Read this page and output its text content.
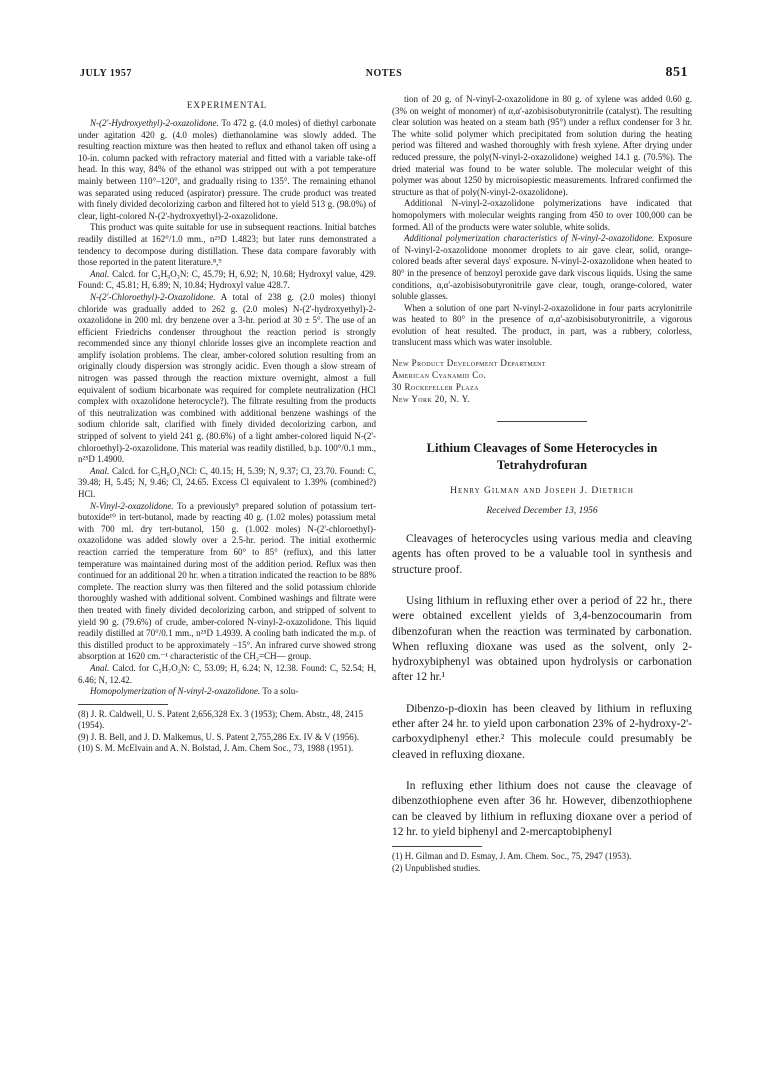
JULY 1957	NOTES	851
EXPERIMENTAL

N-(2'-Hydroxyethyl)-2-oxazolidone. To 472 g. (4.0 moles) of diethyl carbonate under agitation 420 g. (4.0 moles) diethanolamine was slowly added. The resulting reaction mixture was then heated to reflux and ethanol taken off using a 10-in. column packed with refractory material and fitted with a variable take-off head. In this way, 84% of the ethanol was stripped out with a pot temperature mainly between 110°–120°, and gradually rising to 135°. The remaining ethanol was separated using reduced (aspirator) pressure. The crude product was treated with finely divided decolorizing carbon and filtered hot to yield 513 g. (98.0%) of clear, light-colored N-(2'-hydroxyethyl)-2-oxazolidone.

This product was quite suitable for use in subsequent reactions. Initial batches readily distilled at 162°/1.0 mm., n²⁵D 1.4823; but later runs demonstrated a tendency to decompose during distillation. These data compare favorably with those reported in the patent literature.⁸,⁹

Anal. Calcd. for C₅H₉O₃N: C, 45.79; H, 6.92; N, 10.68; Hydroxyl value, 429. Found: C, 45.81; H, 6.89; N, 10.84; Hydroxyl value 428.7.

N-(2'-Chloroethyl)-2-Oxazolidone. A total of 238 g. (2.0 moles) thionyl chloride was gradually added to 262 g. (2.0 moles) N-(2'-hydroxyethyl)-2-oxazolidone in 200 ml. dry benzene over a 3-hr. period at 30 ± 5°. The use of an efficient Friedrichs condenser throughout the reaction period is strongly recommended since any thionyl chloride losses give an incomplete reaction and amplify isolation problems. The clear, amber-colored solution resulting from an originally cloudy dispersion was strongly acidic. Even though a slow stream of nitrogen was passed through the reaction mixture overnight, almost a full equivalent of sodium bicarbonate was required for complete neutralization (HCl complex with oxazolidone heterocycle?). The filtrate resulting from the products of this neutralization was combined with additional benzene washings of the sodium chloride salt, clarified with finely divided decolorizing carbon, and stripped of solvent to yield 241 g. (80.6%) of a light amber-colored liquid N-(2'-chloroethyl)-2-oxazolidone. This material was readily distilled, b.p. 100°/0.1 mm., n²⁵D 1.4900.

Anal. Calcd. for C₅H₈O₂NCl: C, 40.15; H, 5.39; N, 9.37; Cl, 23.70. Found: C, 39.48; H, 5.45; N, 9.46; Cl, 24.65. Excess Cl equivalent to 1.39% (combined?) HCl.

N-Vinyl-2-oxazolidone. To a previously⁹ prepared solution of potassium tert-butoxide¹⁰ in tert-butanol, made by reacting 40 g. (1.02 moles) potassium metal with 700 ml. dry tert-butanol, 150 g. (1.002 moles) N-(2'-chloroethyl)-oxazolidone was added slowly over a 2.5-hr. period. The initial exothermic reaction carried the temperature from 60° to 85° (reflux), and this latter temperature was maintained during most of the addition period. Reflux was then continued for an additional 20 hr. when a titration indicated the reaction to be 88% complete. The reaction slurry was then filtered and the solid potassium chloride thoroughly washed with additional solvent. Combined washings and filtrate were then treated with finely divided decolorizing carbon, and stripped of solvent to yield 90 g. (79.6%) of crude, amber-colored N-vinyl-2-oxazolidone. This liquid readily distilled at 70°/0.1 mm., n²⁵D 1.4939. A cooling bath indicated the m.p. of this distilled product to be approximately −15°. An infrared curve showed strong absorption at 1620 cm.⁻¹ characteristic of the CH₂=CH— group.

Anal. Calcd. for C₅H₇O₂N: C, 53.09; H, 6.24; N, 12.38. Found: C, 52.54; H, 6.46; N, 12.42.

Homopolymerization of N-vinyl-2-oxazolidone. To a solu-

(8) J. R. Caldwell, U. S. Patent 2,656,328 Ex. 3 (1953); Chem. Abstr., 48, 2415 (1954).
(9) J. B. Bell, and J. D. Malkemus, U. S. Patent 2,755,286 Ex. IV & V (1956).
(10) S. M. McElvain and A. N. Bolstad, J. Am. Chem Soc., 73, 1988 (1951).

tion of 20 g. of N-vinyl-2-oxazolidone in 80 g. of xylene was added 0.60 g. (3% on weight of monomer) of α,α'-azobisisobutyronitrile (catalyst). The resulting clear solution was heated on a steam bath (95°) under a reflux condenser for 3 hr. The white solid polymer which precipitated from solution during the heating period was filtered and washed thoroughly with fresh xylene. After drying under reduced pressure, the poly(N-vinyl-2-oxazolidone) weighed 14.1 g. (70.5%). The dried material was found to be water soluble. The molecular weight of this polymer was about 1250 by microisopiestic measurements. Infrared confirmed the structure as that of poly(N-vinyl-2-oxazolidone).

Additional N-vinyl-2-oxazolidone polymerizations have indicated that homopolymers with molecular weights ranging from 450 to over 100,000 can be formed. All of the products were water soluble, white solids.

Additional polymerization characteristics of N-vinyl-2-oxazolidone. Exposure of N-vinyl-2-oxazolidone monomer droplets to air gave clear, solid, orange-colored beads after several days' exposure. N-vinyl-2-oxazolidone when heated to 80° in the presence of benzoyl peroxide gave dark viscous liquids. Using the same conditions, α,α'-azobisisobutyronitrile gave clear, tough, orange-colored, water soluble glasses.

When a solution of one part N-vinyl-2-oxazolidone in four parts acrylonitrile was heated to 80° in the presence of α,α'-azobisisobutyronitrile, a vigorous evolution of heat resulted. The product, in part, was a rubbery, colorless, translucent mass which was water insoluble.

New Product Development Department
American Cyanamid Co.
30 Rockefeller Plaza
New York 20, N. Y.
Lithium Cleavages of Some Heterocycles in Tetrahydrofuran
Henry Gilman and Joseph J. Dietrich
Received December 13, 1956

Cleavages of heterocycles using various media and cleaving agents has often proved to be a valuable tool in synthesis and structure proof.

Using lithium in refluxing ether over a period of 22 hr., there were obtained excellent yields of 3,4-benzocoumarin from dibenzofuran when the reaction was terminated by carbonation. When refluxing dioxane was used as the solvent, only 2-hydroxybiphenyl was obtained upon hydrolysis or carbonation after 12 hr.¹

Dibenzo-p-dioxin has been cleaved by lithium in refluxing ether after 24 hr. to yield upon carbonation 23% of 2-hydroxy-2'-carboxydiphenyl ether.² This molecule could presumably be cleaved in refluxing dioxane.

In refluxing ether lithium does not cause the cleavage of dibenzothiophene even after 36 hr. However, dibenzothiophene can be cleaved by lithium in refluxing dioxane over a period of 12 hr. to yield biphenyl and 2-mercaptobiphenyl

(1) H. Gilman and D. Esmay, J. Am. Chem. Soc., 75, 2947 (1953).
(2) Unpublished studies.
